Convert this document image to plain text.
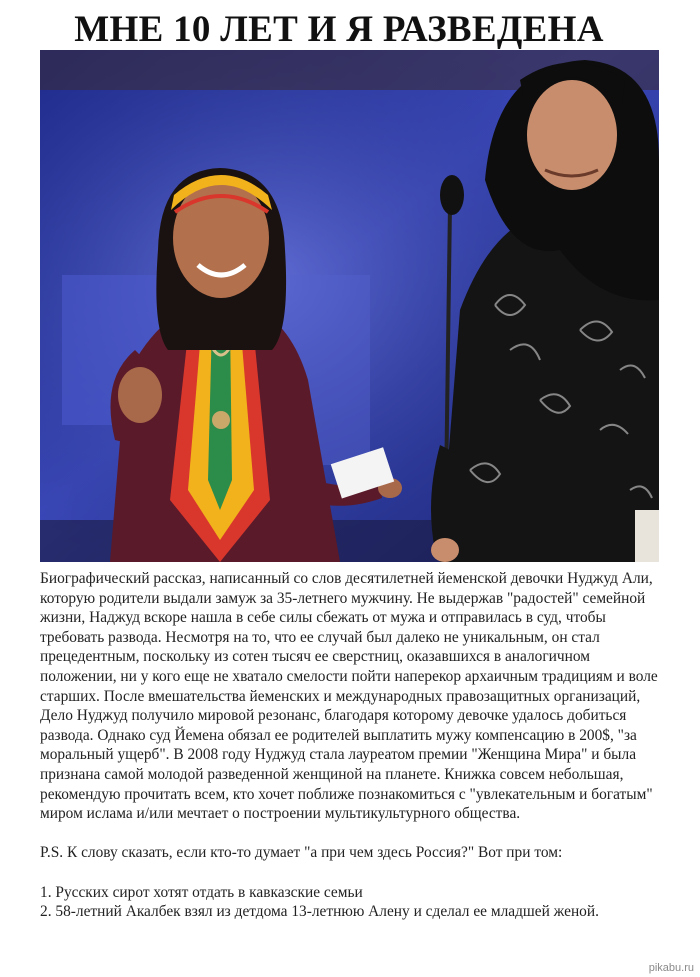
МНЕ 10 ЛЕТ И Я РАЗВЕДЕНА

Биографический рассказ, написанный со слов десятилетней йеменской девочки Нуджуд Али, которую родители выдали замуж за 35-летнего мужчину. Не выдержав "радостей" семейной жизни, Наджуд вскоре нашла в себе силы сбежать от мужа и отправилась в суд, чтобы требовать развода. Несмотря на то, что ее случай был далеко не уникальным, он стал прецедентным, поскольку из сотен тысяч ее сверстниц, оказавшихся в аналогичном положении, ни у кого еще не хватало смелости пойти наперекор архаичным традициям и воле старших. После вмешательства йеменских и международных правозащитных организаций, Дело Нуджуд получило мировой резонанс, благодаря которому девочке удалось добиться развода. Однако суд Йемена обязал ее родителей выплатить мужу компенсацию в 200$, "за моральный ущерб". В 2008 году Нуджуд стала лауреатом премии "Женщина Мира" и была признана самой молодой разведенной женщиной на планете. Книжка совсем небольшая, рекомендую прочитать всем, кто хочет поближе познакомиться с "увлекательным и богатым" миром ислама и/или мечтает о построении мультикультурного общества.

P.S. К слову сказать, если кто-то думает "а при чем здесь Россия?" Вот при том:

1. Русских сирот хотят отдать в кавказские семьи

2. 58-летний Акалбек взял из детдома 13-летнюю Алену и сделал ее младшей женой.

pikabu.ru
